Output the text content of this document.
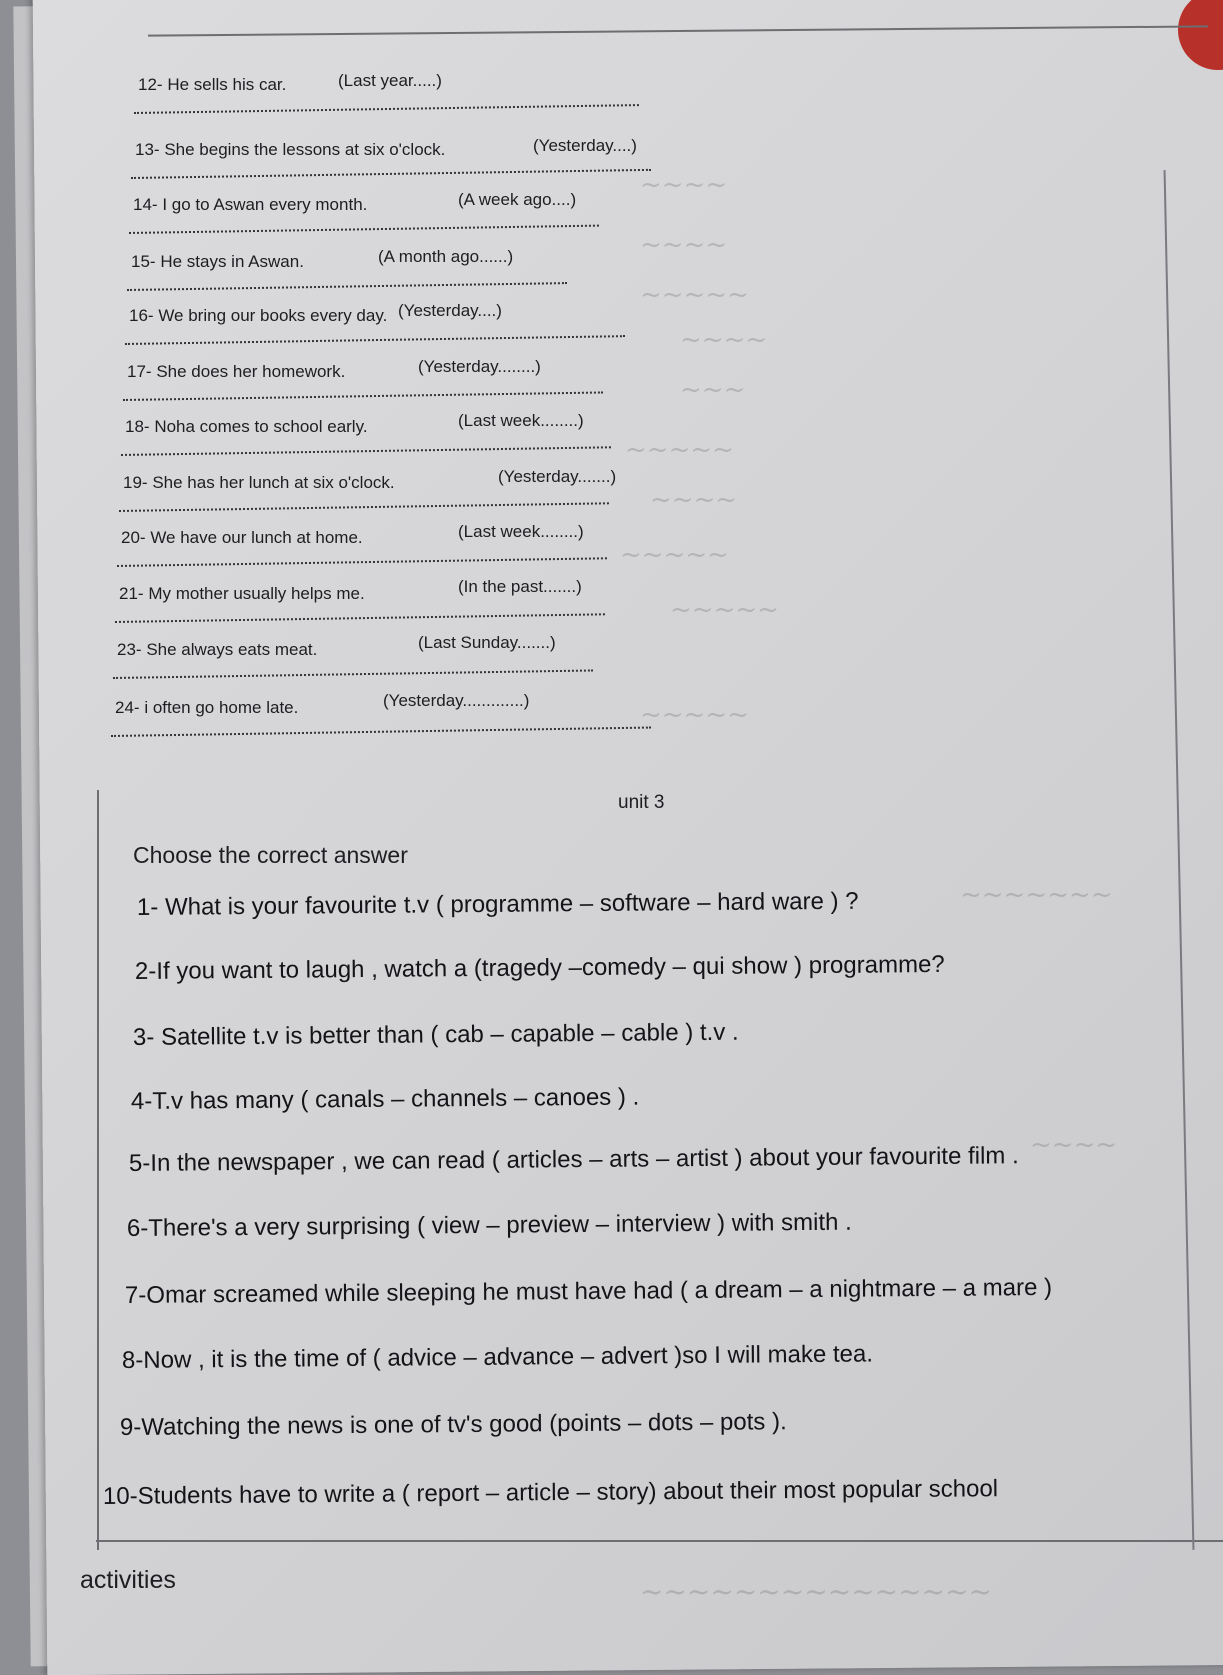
~~~~
~~~~
~~~~~
~~~~
~~~
~~~~~
~~~~
~~~~~
~~~~~
~~~~~
~~~~~~~
~~~~
~~~~~~~~~~~~~~~
12- He sells his car.	(Last year.....)
13- She begins the lessons at six o'clock.	(Yesterday....)
14- I go to Aswan every month.	(A week ago....)
15- He stays in Aswan.	(A month ago......)
16- We bring our books every day. (Yesterday....)
17- She does her homework.	(Yesterday........)
18- Noha comes to school early.	(Last week........)
19- She has her lunch at six o'clock.	(Yesterday.......)
20- We have our lunch at home.	(Last week........)
21- My mother usually helps me.	(In the past.......)
23- She always eats meat.	(Last Sunday.......)
24- i often go home late.	(Yesterday.............)
unit 3
Choose the correct answer
1- What is your favourite t.v ( programme – software – hard ware ) ?
2-If you want to laugh , watch a (tragedy –comedy – qui show ) programme?
3- Satellite t.v is better than ( cab – capable – cable ) t.v .
4-T.v has many ( canals – channels – canoes ) .
5-In the newspaper , we can read ( articles – arts – artist ) about your favourite film .
6-There's a very surprising ( view – preview – interview ) with smith .
7-Omar screamed while sleeping he must have had ( a dream – a nightmare – a mare )
8-Now , it is the time of ( advice – advance – advert )so I will make tea.
9-Watching the news is one of tv's good (points – dots – pots ).
10-Students have to write a ( report – article – story) about their most popular school
activities
